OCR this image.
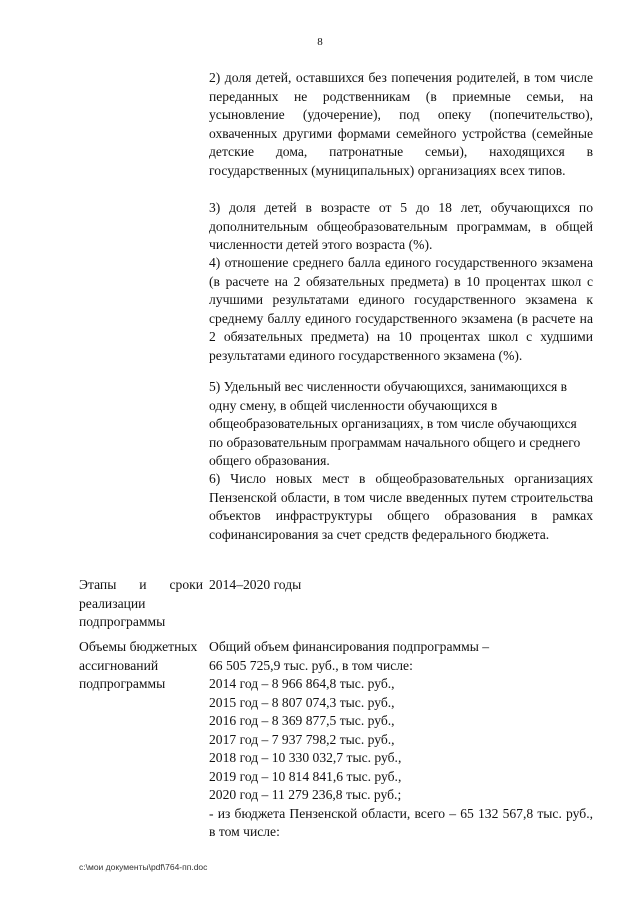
8

2) доля детей, оставшихся без попечения родителей, в том числе переданных не родственникам (в приемные семьи, на усыновление (удочерение), под опеку (попечительство), охваченных другими формами семейного устройства (семейные детские дома, патронатные семьи), находящихся в государственных (муниципальных) организациях всех типов.

3) доля детей в возрасте от 5 до 18 лет, обучающихся по дополнительным общеобразовательным программам, в общей численности детей этого возраста (%).

4) отношение среднего балла единого государственного экзамена (в расчете на 2 обязательных предмета) в 10 процентах школ с лучшими результатами единого государственного экзамена к среднему баллу единого государственного экзамена (в расчете на 2 обязательных предмета) на 10 процентах школ с худшими результатами единого государственного экзамена (%).

5) Удельный вес численности обучающихся, занимающихся в одну смену, в общей численности обучающихся в общеобразовательных организациях, в том числе обучающихся по образовательным программам начального общего и среднего общего образования.

6) Число новых мест в общеобразовательных организациях Пензенской области, в том числе введенных путем строительства объектов инфраструктуры общего образования в рамках софинансирования за счет средств федерального бюджета.

Этапы и сроки реализации подпрограммы

2014–2020 годы

Объемы бюджетных ассигнований подпрограммы

Общий объем финансирования подпрограммы –
66 505 725,9 тыс. руб., в том числе:
2014 год – 8 966 864,8 тыс. руб.,
2015 год – 8 807 074,3 тыс. руб.,
2016 год – 8 369 877,5 тыс. руб.,
2017 год – 7 937 798,2 тыс. руб.,
2018 год – 10 330 032,7 тыс. руб.,
2019 год – 10 814 841,6 тыс. руб.,
2020 год – 11 279 236,8 тыс. руб.;
- из бюджета Пензенской области, всего – 65 132 567,8 тыс. руб., в том числе:
c:\мои документы\pdf\764-пп.doc
